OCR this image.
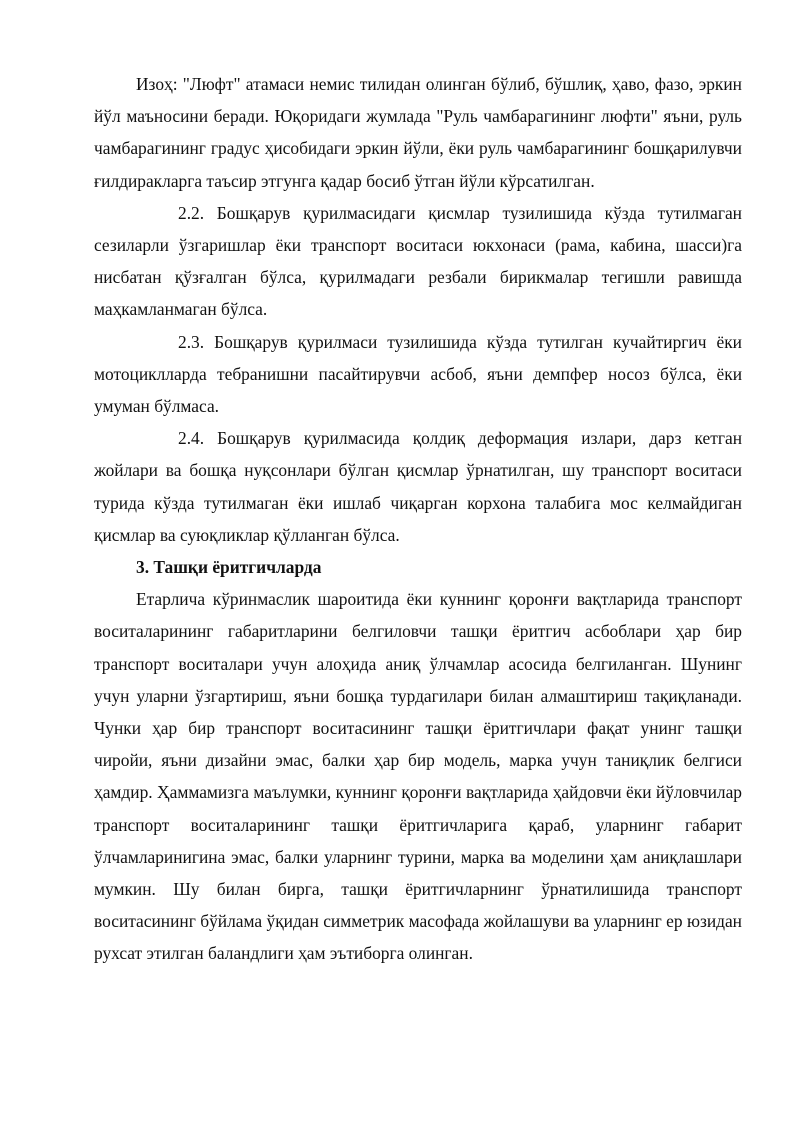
Изоҳ: "Люфт" атамаси немис тилидан олинган бўлиб, бўшлиқ, ҳаво, фазо, эркин йўл маъносини беради. Юқоридаги жумлада "Руль чамбарагининг люфти" яъни, руль чамбарагининг градус ҳисобидаги эркин йўли, ёки руль чамбарагининг бошқарилувчи ғилдиракларга таъсир этгунга қадар босиб ўтган йўли кўрсатилган.

2.2. Бошқарув қурилмасидаги қисмлар тузилишида кўзда тутилмаган сезиларли ўзгаришлар ёки транспорт воситаси юкхонаси (рама, кабина, шасси)га нисбатан қўзғалган бўлса, қурилмадаги резбали бирикмалар тегишли равишда маҳкамланмаган бўлса.

2.3. Бошқарув қурилмаси тузилишида кўзда тутилган кучайтиргич ёки мотоциклларда тебранишни пасайтирувчи асбоб, яъни демпфер носоз бўлса, ёки умуман бўлмаса.

2.4. Бошқарув қурилмасида қолдиқ деформация излари, дарз кетган жойлари ва бошқа нуқсонлари бўлган қисмлар ўрнатилган, шу транспорт воситаси турида кўзда тутилмаган ёки ишлаб чиқарган корхона талабига мос келмайдиган қисмлар ва суюқликлар қўлланган бўлса.

3. Ташқи ёритгичларда

Етарлича кўринмаслик шароитида ёки куннинг қоронғи вақтларида транспорт воситаларининг габаритларини белгиловчи ташқи ёритгич асбоблари ҳар бир транспорт воситалари учун алоҳида аниқ ўлчамлар асосида белгиланган. Шунинг учун уларни ўзгартириш, яъни бошқа турдагилари билан алмаштириш тақиқланади. Чунки ҳар бир транспорт воситасининг ташқи ёритгичлари фақат унинг ташқи чиройи, яъни дизайни эмас, балки ҳар бир модель, марка учун таниқлик белгиси ҳамдир. Ҳаммамизга маълумки, куннинг қоронғи вақтларида ҳайдовчи ёки йўловчилар транспорт воситаларининг ташқи ёритгичларига қараб, уларнинг габарит ўлчамларинигина эмас, балки уларнинг турини, марка ва моделини ҳам аниқлашлари мумкин. Шу билан бирга, ташқи ёритгичларнинг ўрнатилишида транспорт воситасининг бўйлама ўқидан симметрик масофада жойлашуви ва уларнинг ер юзидан рухсат этилган баландлиги ҳам эътиборга олинган.
